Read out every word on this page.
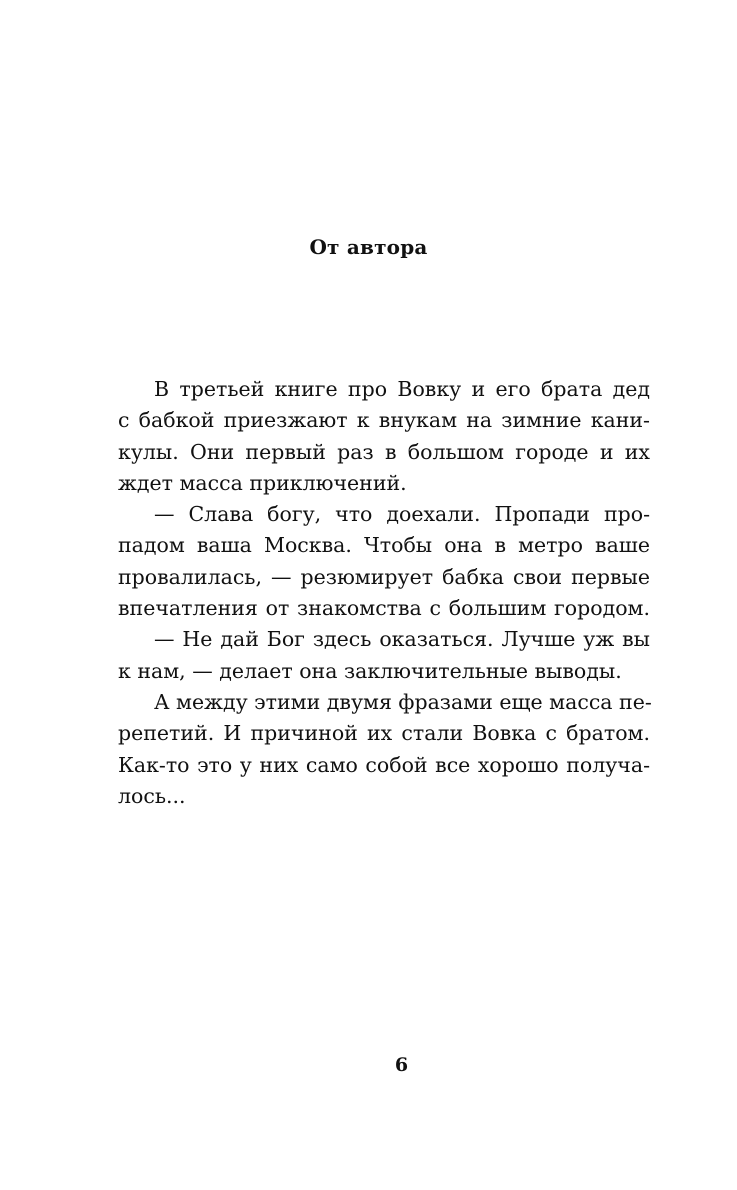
От автора
В третьей книге про Вовку и его брата дед
с бабкой приезжают к внукам на зимние кани-
кулы. Они первый раз в большом городе и их
ждет масса приключений.
— Слава богу, что доехали. Пропади про-
падом ваша Москва. Чтобы она в метро ваше
провалилась, — резюмирует бабка свои первые
впечатления от знакомства с большим городом.
— Не дай Бог здесь оказаться. Лучше уж вы
к нам, — делает она заключительные выводы.
А между этими двумя фразами еще масса пе-
репетий. И причиной их стали Вовка с братом.
Как-то это у них само собой все хорошо получа-
лось...
6
